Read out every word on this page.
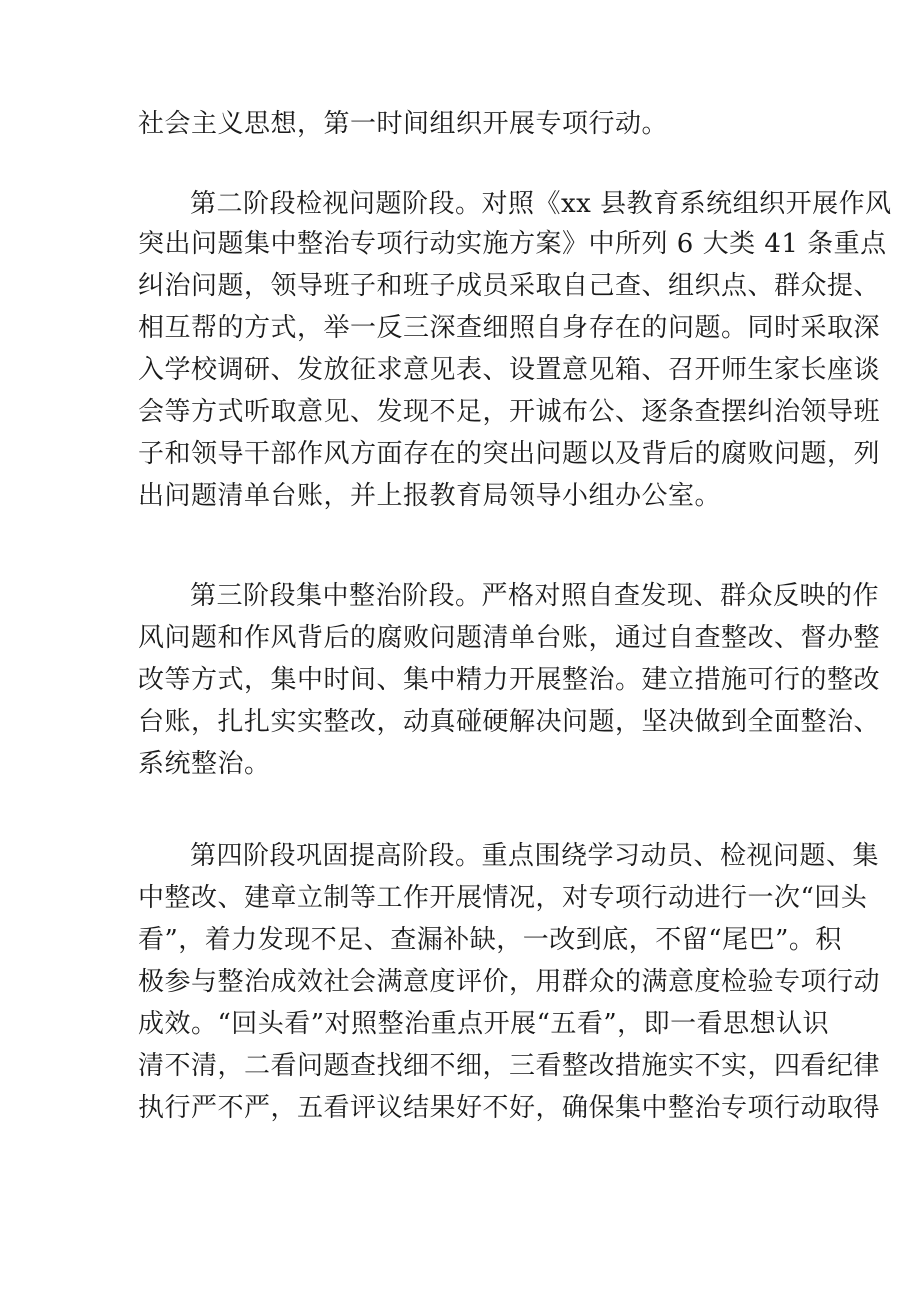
社会主义思想，第一时间组织开展专项行动。
第二阶段检视问题阶段。对照《xx 县教育系统组织开展作风
突出问题集中整治专项行动实施方案》中所列 6 大类 41 条重点
纠治问题，领导班子和班子成员采取自己查、组织点、群众提、
相互帮的方式，举一反三深查细照自身存在的问题。同时采取深
入学校调研、发放征求意见表、设置意见箱、召开师生家长座谈
会等方式听取意见、发现不足，开诚布公、逐条查摆纠治领导班
子和领导干部作风方面存在的突出问题以及背后的腐败问题，列
出问题清单台账，并上报教育局领导小组办公室。
第三阶段集中整治阶段。严格对照自查发现、群众反映的作
风问题和作风背后的腐败问题清单台账，通过自查整改、督办整
改等方式，集中时间、集中精力开展整治。建立措施可行的整改
台账，扎扎实实整改，动真碰硬解决问题，坚决做到全面整治、
系统整治。
第四阶段巩固提高阶段。重点围绕学习动员、检视问题、集
中整改、建章立制等工作开展情况，对专项行动进行一次“回头
看”，着力发现不足、查漏补缺，一改到底，不留“尾巴”。积
极参与整治成效社会满意度评价，用群众的满意度检验专项行动
成效。“回头看”对照整治重点开展“五看”，即一看思想认识
清不清，二看问题查找细不细，三看整改措施实不实，四看纪律
执行严不严，五看评议结果好不好，确保集中整治专项行动取得
